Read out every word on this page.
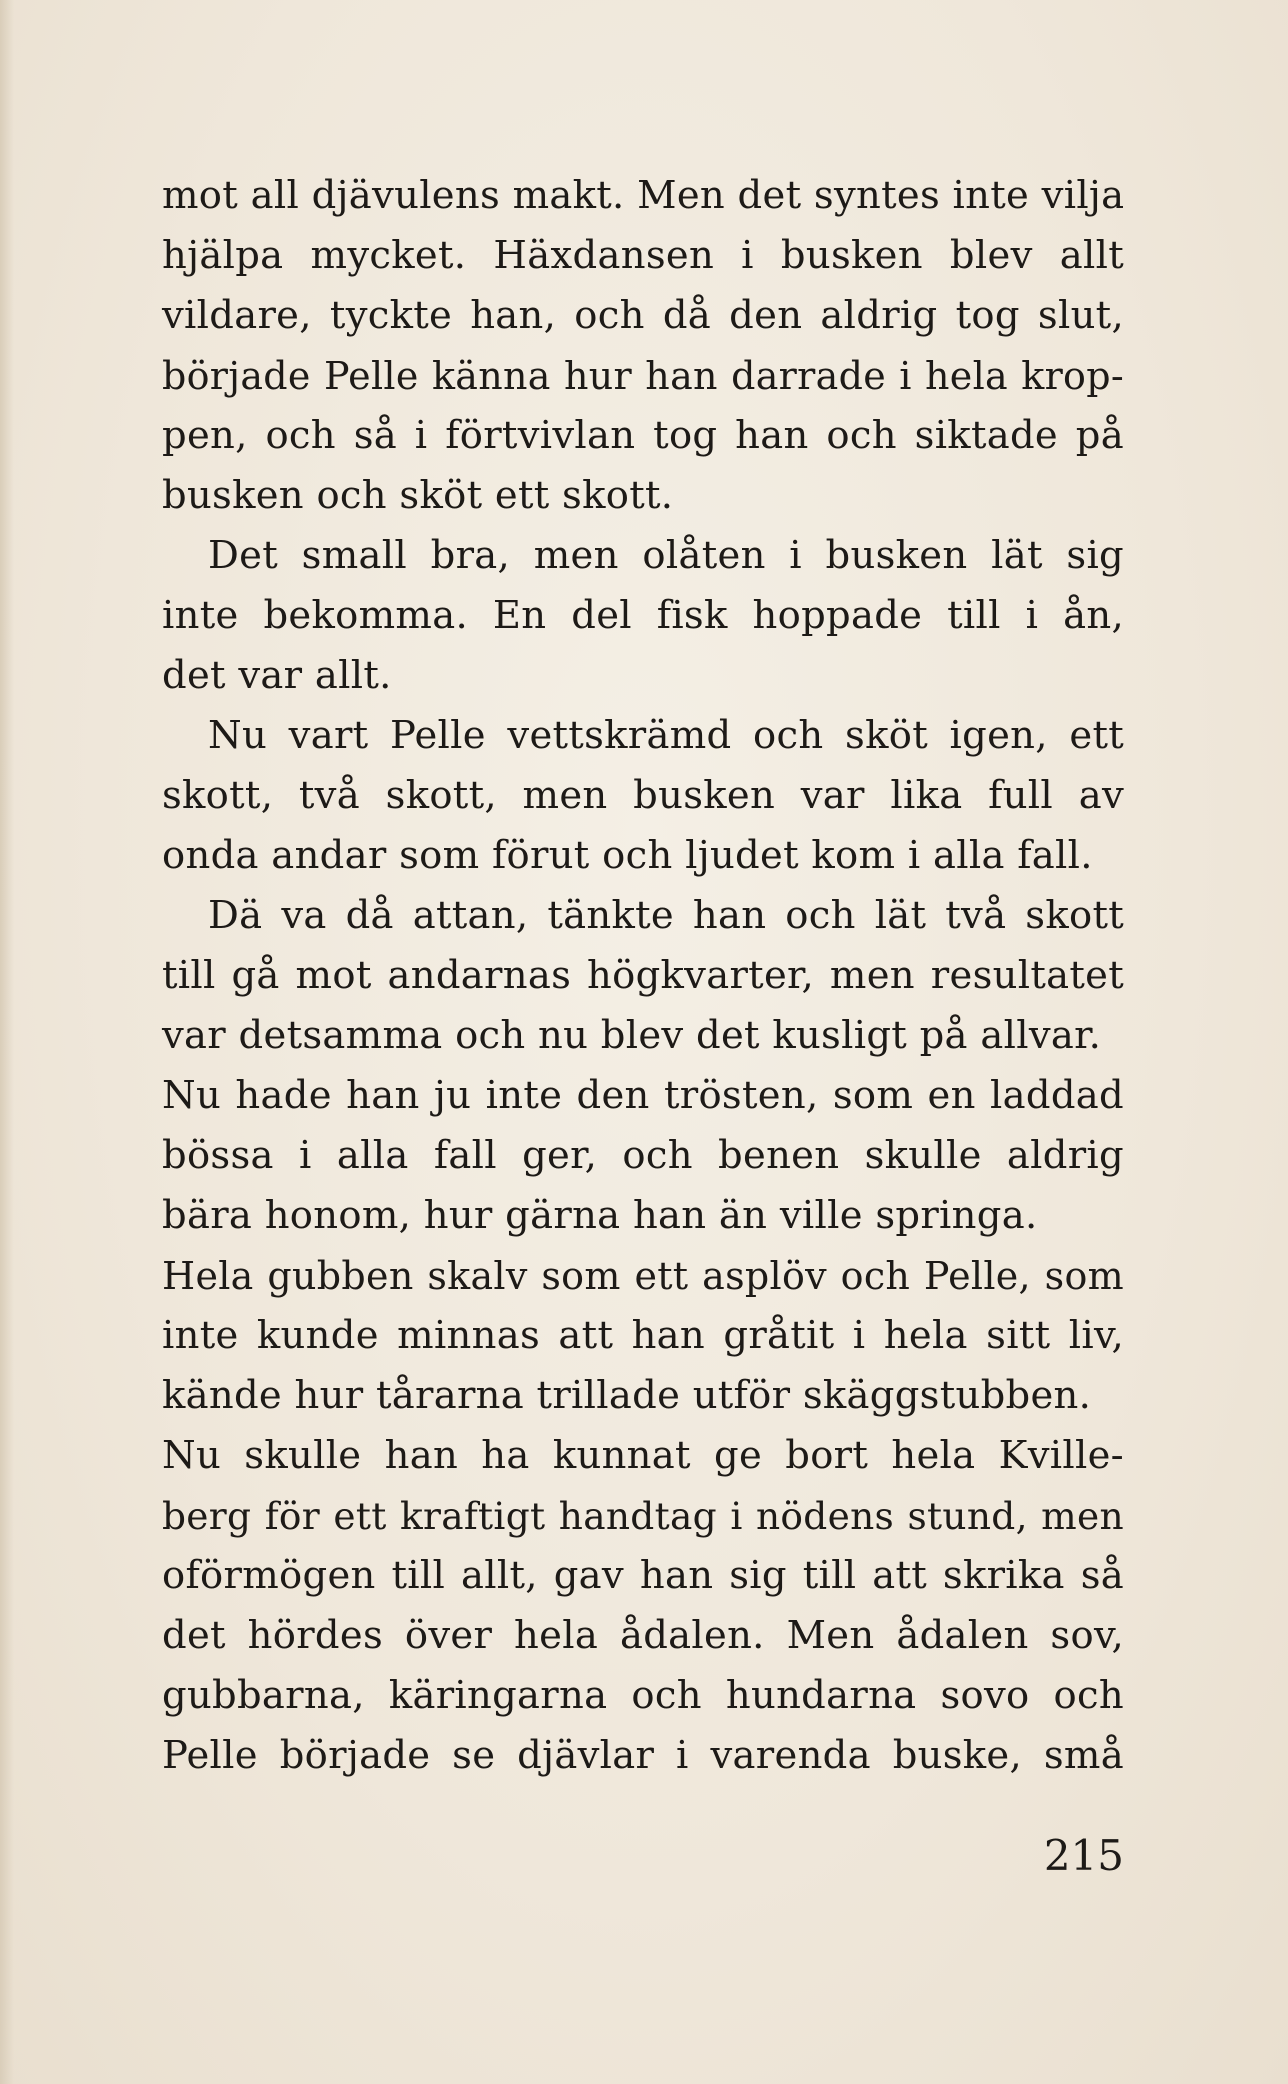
mot all djävulens makt. Men det syntes inte vilja
hjälpa mycket. Häxdansen i busken blev allt
vildare, tyckte han, och då den aldrig tog slut,
började Pelle känna hur han darrade i hela krop-
pen, och så i förtvivlan tog han och siktade på
busken och sköt ett skott.
Det small bra, men olåten i busken lät sig
inte bekomma. En del fisk hoppade till i ån,
det var allt.
Nu vart Pelle vettskrämd och sköt igen, ett
skott, två skott, men busken var lika full av
onda andar som förut och ljudet kom i alla fall.
Dä va då attan, tänkte han och lät två skott
till gå mot andarnas högkvarter, men resultatet
var detsamma och nu blev det kusligt på allvar.
Nu hade han ju inte den trösten, som en laddad
bössa i alla fall ger, och benen skulle aldrig
bära honom, hur gärna han än ville springa.
Hela gubben skalv som ett asplöv och Pelle, som
inte kunde minnas att han gråtit i hela sitt liv,
kände hur tårarna trillade utför skäggstubben.
Nu skulle han ha kunnat ge bort hela Kville-
berg för ett kraftigt handtag i nödens stund, men
oförmögen till allt, gav han sig till att skrika så
det hördes över hela ådalen. Men ådalen sov,
gubbarna, käringarna och hundarna sovo och
Pelle började se djävlar i varenda buske, små
215
